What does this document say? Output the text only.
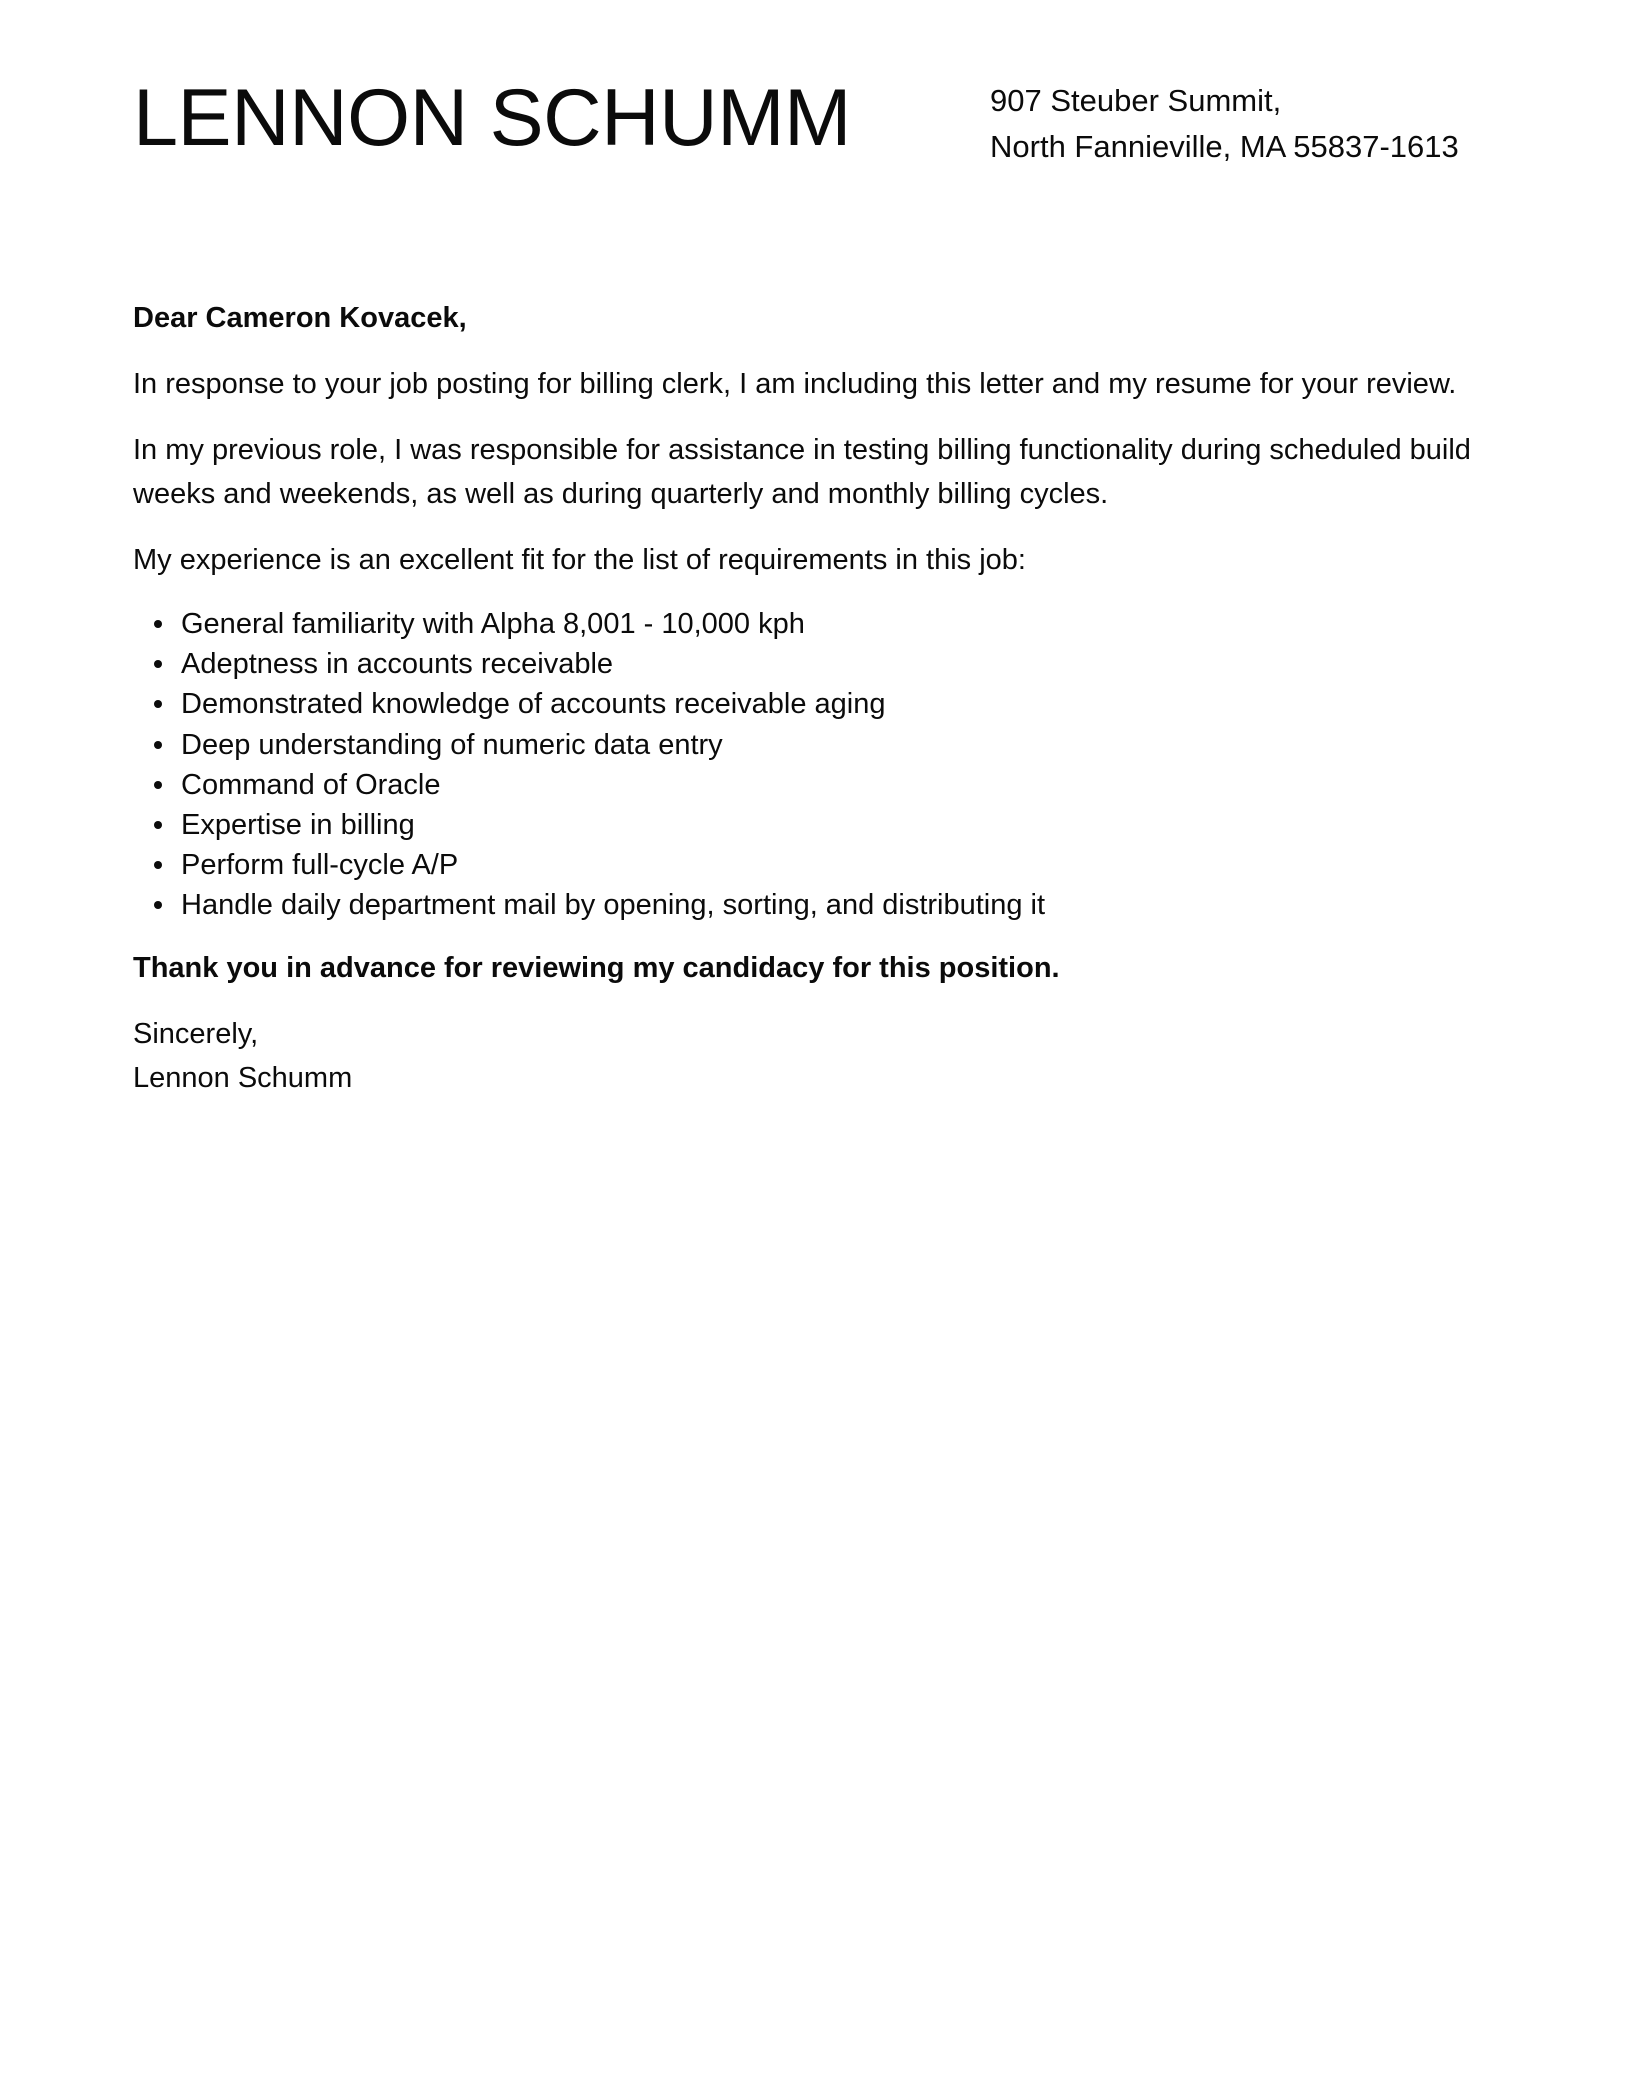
LENNON SCHUMM	907 Steuber Summit,
North Fannieville, MA 55837-1613

Dear Cameron Kovacek,

In response to your job posting for billing clerk, I am including this letter and my resume for your review.

In my previous role, I was responsible for assistance in testing billing functionality during scheduled build weeks and weekends, as well as during quarterly and monthly billing cycles.

My experience is an excellent fit for the list of requirements in this job:

General familiarity with Alpha 8,001 - 10,000 kph
Adeptness in accounts receivable
Demonstrated knowledge of accounts receivable aging
Deep understanding of numeric data entry
Command of Oracle
Expertise in billing
Perform full-cycle A/P
Handle daily department mail by opening, sorting, and distributing it

Thank you in advance for reviewing my candidacy for this position.

Sincerely,
Lennon Schumm
